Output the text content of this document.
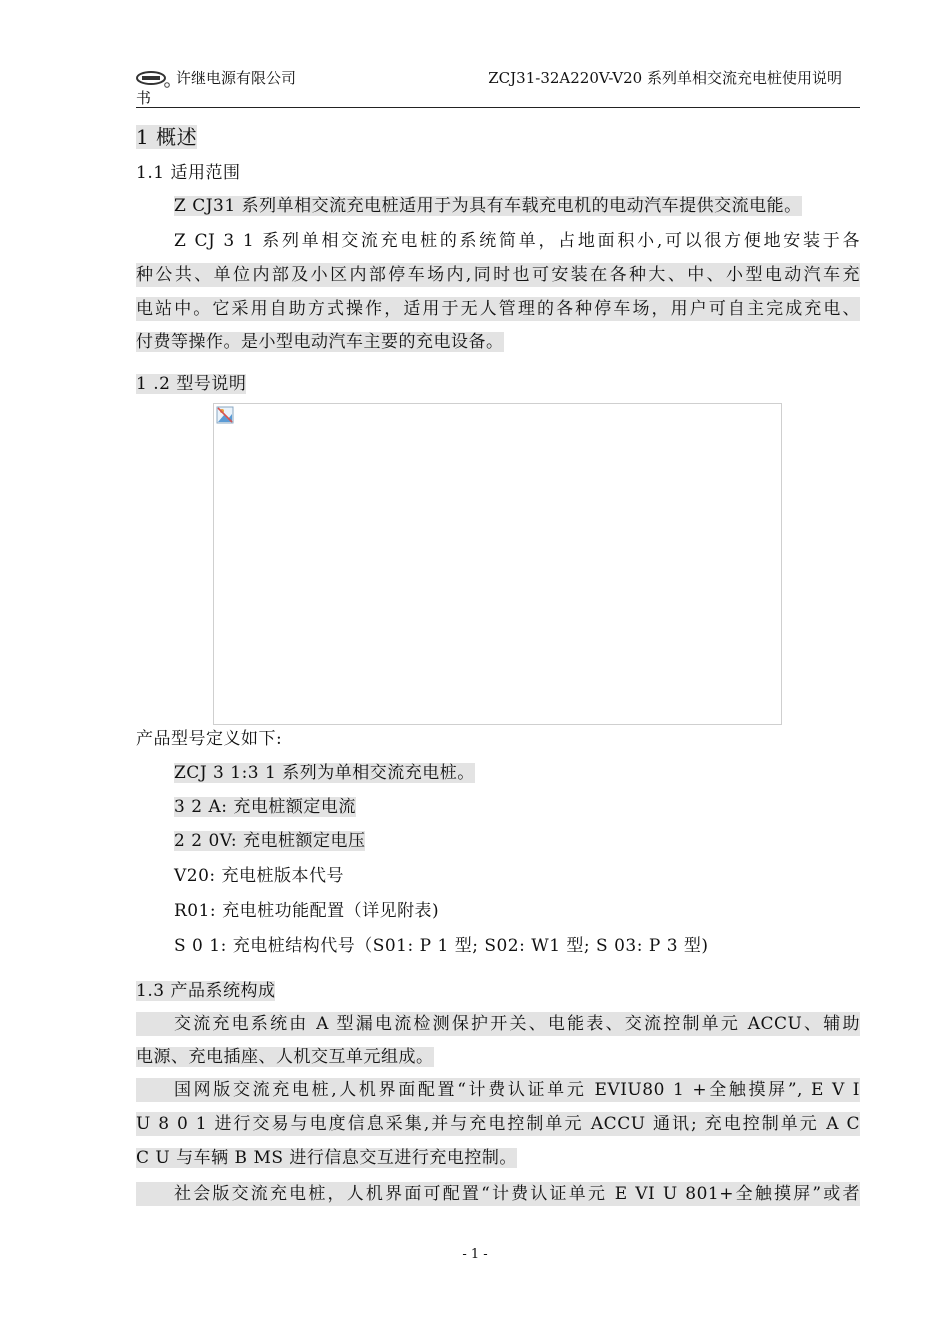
许继电源有限公司	ZCJ31-32A220V-V20 系列单相交流充电桩使用说明
书
1 概述
1.1 适用范围
Z CJ31 系列单相交流充电桩适用于为具有车载充电机的电动汽车提供交流电能。
Z CJ 3 1 系列单相交流充电桩的系统简单，占地面积小,可以很方便地安装于各
种公共、单位内部及小区内部停车场内,同时也可安装在各种大、中、小型电动汽车充
电站中。它采用自助方式操作，适用于无人管理的各种停车场，用户可自主完成充电、
付费等操作。是小型电动汽车主要的充电设备。
1 .2 型号说明
产品型号定义如下:
ZCJ 3 1:3 1 系列为单相交流充电桩。
3 2 A: 充电桩额定电流
2 2 0V: 充电桩额定电压
V20: 充电桩版本代号
R01: 充电桩功能配置（详见附表)
S 0 1: 充电桩结构代号（S01: P 1 型; S02: W1 型; S 03: P 3 型)
1.3 产品系统构成
交流充电系统由 A 型漏电流检测保护开关、电能表、交流控制单元 ACCU、辅助
电源、充电插座、人机交互单元组成。
国网版交流充电桩,人机界面配置“计费认证单元 EVIU80 1 +全触摸屏”, E V I
U 8 0 1 进行交易与电度信息采集,并与充电控制单元 ACCU 通讯; 充电控制单元 A C
C U 与车辆 B MS 进行信息交互进行充电控制。
社会版交流充电桩，人机界面可配置“计费认证单元 E VI U 801+全触摸屏”或者
- 1 -
